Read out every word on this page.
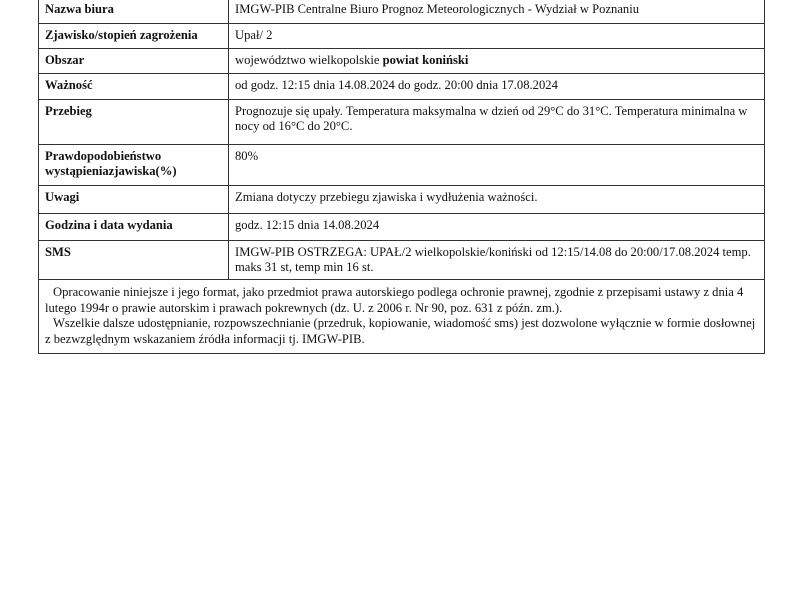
Nazwa biura	IMGW-PIB Centralne Biuro Prognoz Meteorologicznych - Wydział w Poznaniu
Zjawisko/stopień zagrożenia	Upał/ 2
Obszar	województwo wielkopolskie powiat koniński
Ważność	od godz. 12:15 dnia 14.08.2024 do godz. 20:00 dnia 17.08.2024
Przebieg	Prognozuje się upały. Temperatura maksymalna w dzień od 29°C do 31°C. Temperatura minimalna w nocy od 16°C do 20°C.
Prawdopodobieństwo wystąpieniazjawiska(%)	80%
Uwagi	Zmiana dotyczy przebiegu zjawiska i wydłużenia ważności.
Godzina i data wydania	godz. 12:15 dnia 14.08.2024
SMS	IMGW-PIB OSTRZEGA: UPAŁ/2 wielkopolskie/koniński od 12:15/14.08 do 20:00/17.08.2024 temp. maks 31 st, temp min 16 st.

Opracowanie niniejsze i jego format, jako przedmiot prawa autorskiego podlega ochronie prawnej, zgodnie z przepisami ustawy z dnia 4 lutego 1994r o prawie autorskim i prawach pokrewnych (dz. U. z 2006 r. Nr 90, poz. 631 z późn. zm.).

Wszelkie dalsze udostępnianie, rozpowszechnianie (przedruk, kopiowanie, wiadomość sms) jest dozwolone wyłącznie w formie dosłownej z bezwzględnym wskazaniem źródła informacji tj. IMGW-PIB.
